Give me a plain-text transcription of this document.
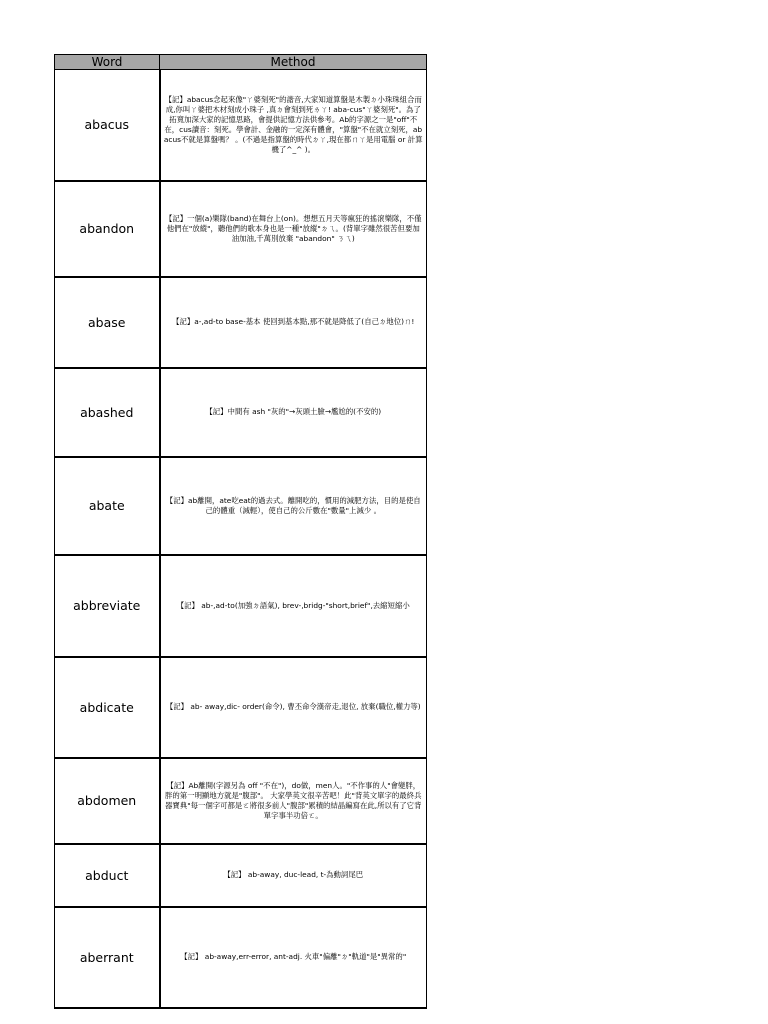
Word	Method
abacus	【記】abacus念起來像"ㄚ婆刻死"的諧音,大家知道算盤是木製ㄉ小珠珠組合而成,你叫ㄚ婆把木材刻成小珠子 ,真ㄉ會刻到死ㄌㄚ! aba-cus"ㄚ婆刻死"。為了拓寬加深大家的記憶思路，會提供記憶方法供參考。Ab的字源之一是"off"不在，cus讀音：刻死。學會計、金融的一定深有體會，"算盤"不在就立刻死，abacus不就是算盤嗎？ 。(不過是指算盤的時代ㄉㄚ,現在都ㄇㄚ是用電腦 or 計算機了^_^ )。
abandon	【記】一個(a)樂隊(band)在舞台上(on)。想想五月天等瘋狂的搖滾樂隊，不僅他們在"放縱"，聽他們的歌本身也是一種"放縱"ㄉㄟ。(背單字雖然很苦但要加油加油,千萬別放棄 "abandon" ㄋㄟ)
abase	【記】a-,ad-to base-基本 使回到基本點,那不就是降低了(自己ㄉ地位)ㄇ!
abashed	【記】中間有 ash "灰的"→灰頭土臉→尷尬的(不安的)
abate	【記】ab離開，ate吃eat的過去式。離開吃的，慣用的減肥方法，目的是使自己的體重（減輕），使自己的公斤數在"數量"上減少 。
abbreviate	【記】 ab-,ad-to(加強ㄉ語氣), brev-,bridg-"short,brief",去縮短縮小
abdicate	【記】 ab- away,dic- order(命令), 曹丕命令漢帝走,退位, 放棄(職位,權力等)
abdomen	【記】Ab離開(字源另為 off "不在")，do做，men人。"不作事的人"會變胖，胖的第一明顯地方就是"腹部"。 大家學英文很辛苦吧！此"背英文單字的最終兵器寶典"每一個字可都是ㄛ將很多前人"腹部"累積的結晶編寫在此,所以有了它背單字事半功倍ㄛ。
abduct	【記】 ab-away, duc-lead, t-為動詞尾巴
aberrant	【記】 ab-away,err-error, ant-adj. 火車"偏離"ㄉ"軌道"是"異常的"
